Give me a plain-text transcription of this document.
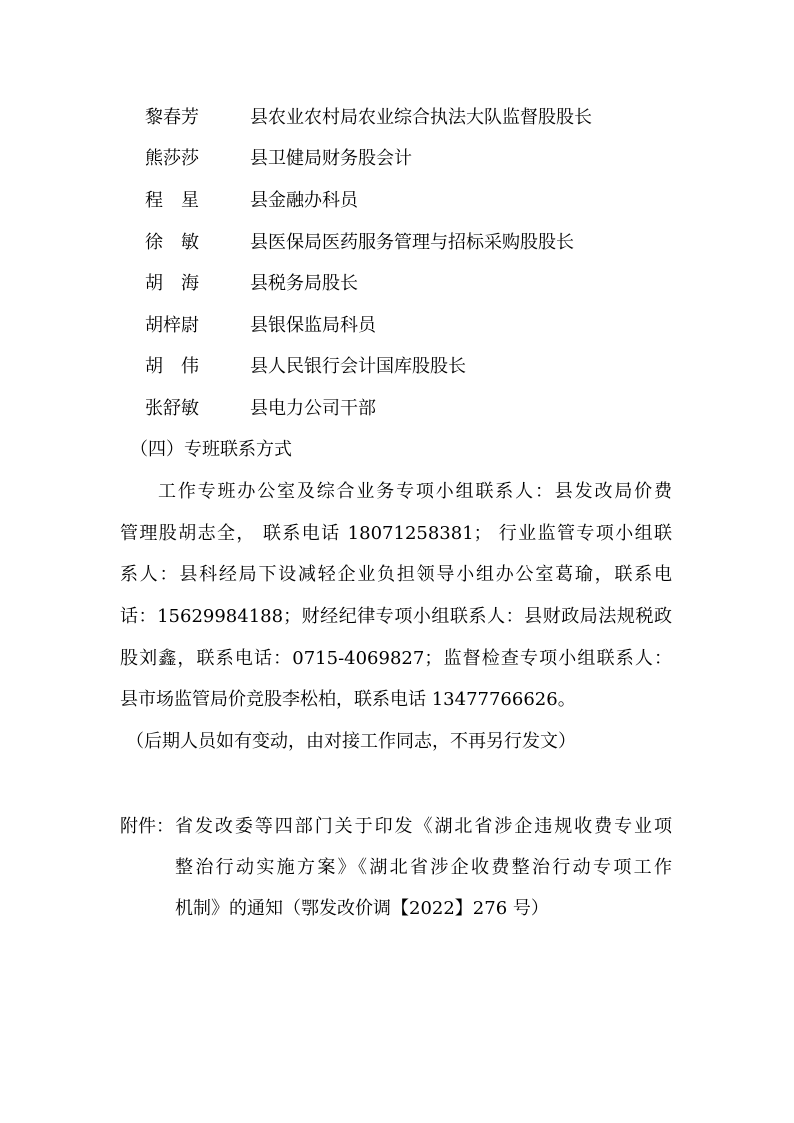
黎春芳	县农业农村局农业综合执法大队监督股股长
熊莎莎	县卫健局财务股会计
程　星	县金融办科员
徐　敏	县医保局医药服务管理与招标采购股股长
胡　海	县税务局股长
胡梓尉	县银保监局科员
胡　伟	县人民银行会计国库股股长
张舒敏	县电力公司干部
（四）专班联系方式
工作专班办公室及综合业务专项小组联系人：县发改局价费
管理股胡志全， 联系电话 18071258381； 行业监管专项小组联
系人：县科经局下设减轻企业负担领导小组办公室葛瑜，联系电
话：15629984188；财经纪律专项小组联系人：县财政局法规税政
股刘鑫，联系电话：0715-4069827；监督检查专项小组联系人：
县市场监管局价竞股李松柏，联系电话 13477766626。
（后期人员如有变动，由对接工作同志，不再另行发文）
附件： 省发改委等四部门关于印发《湖北省涉企违规收费专业项
整治行动实施方案》《湖北省涉企收费整治行动专项工作
机制》的通知（鄂发改价调【2022】276 号）
